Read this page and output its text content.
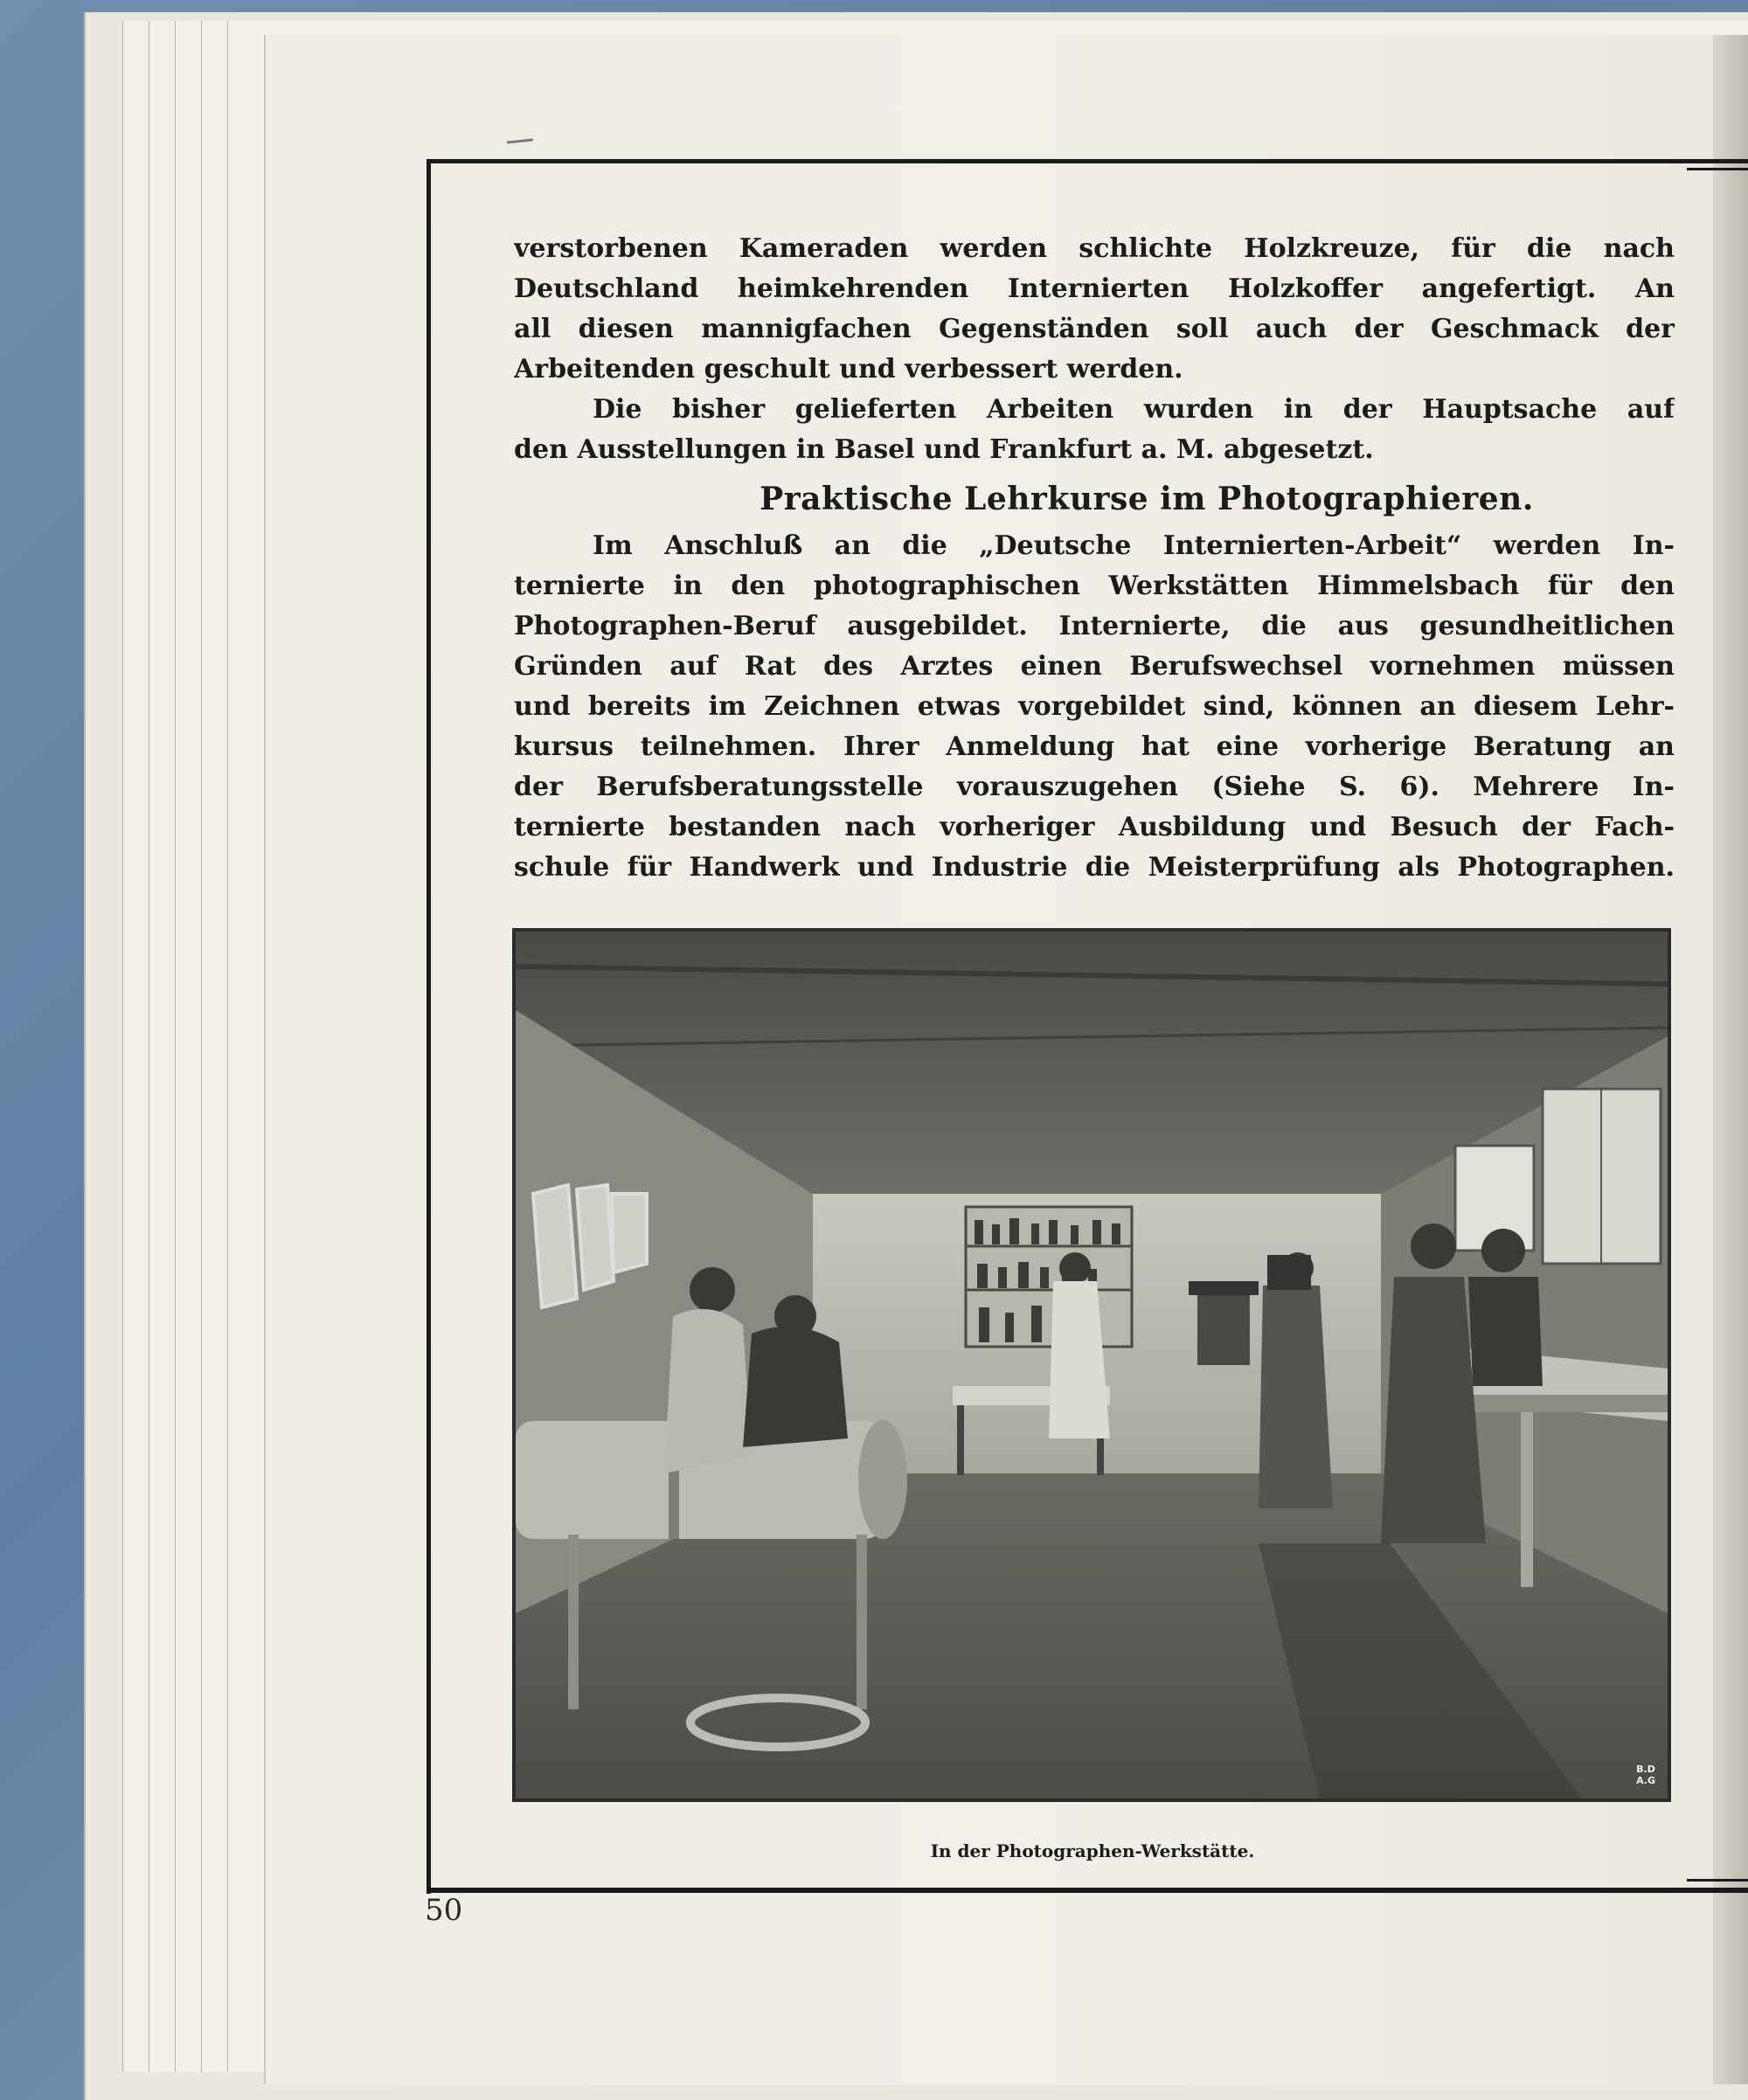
verstorbenen Kameraden werden schlichte Holzkreuze, für die nach
Deutschland heimkehrenden Internierten Holzkoffer angefertigt. An
all diesen mannigfachen Gegenständen soll auch der Geschmack der
Arbeitenden geschult und verbessert werden.
Die bisher gelieferten Arbeiten wurden in der Hauptsache auf
den Ausstellungen in Basel und Frankfurt a. M. abgesetzt.
Praktische Lehrkurse im Photographieren.
Im Anschluß an die „Deutsche Internierten-Arbeit“ werden In-
ternierte in den photographischen Werkstätten Himmelsbach für den
Photographen-Beruf ausgebildet. Internierte, die aus gesundheitlichen
Gründen auf Rat des Arztes einen Berufswechsel vornehmen müssen
und bereits im Zeichnen etwas vorgebildet sind, können an diesem Lehr-
kursus teilnehmen. Ihrer Anmeldung hat eine vorherige Beratung an
der Berufsberatungsstelle vorauszugehen (Siehe S. 6). Mehrere In-
ternierte bestanden nach vorheriger Ausbildung und Besuch der Fach-
schule für Handwerk und Industrie die Meisterprüfung als Photographen.
B.D
A.G
In der Photographen-Werkstätte.
50
